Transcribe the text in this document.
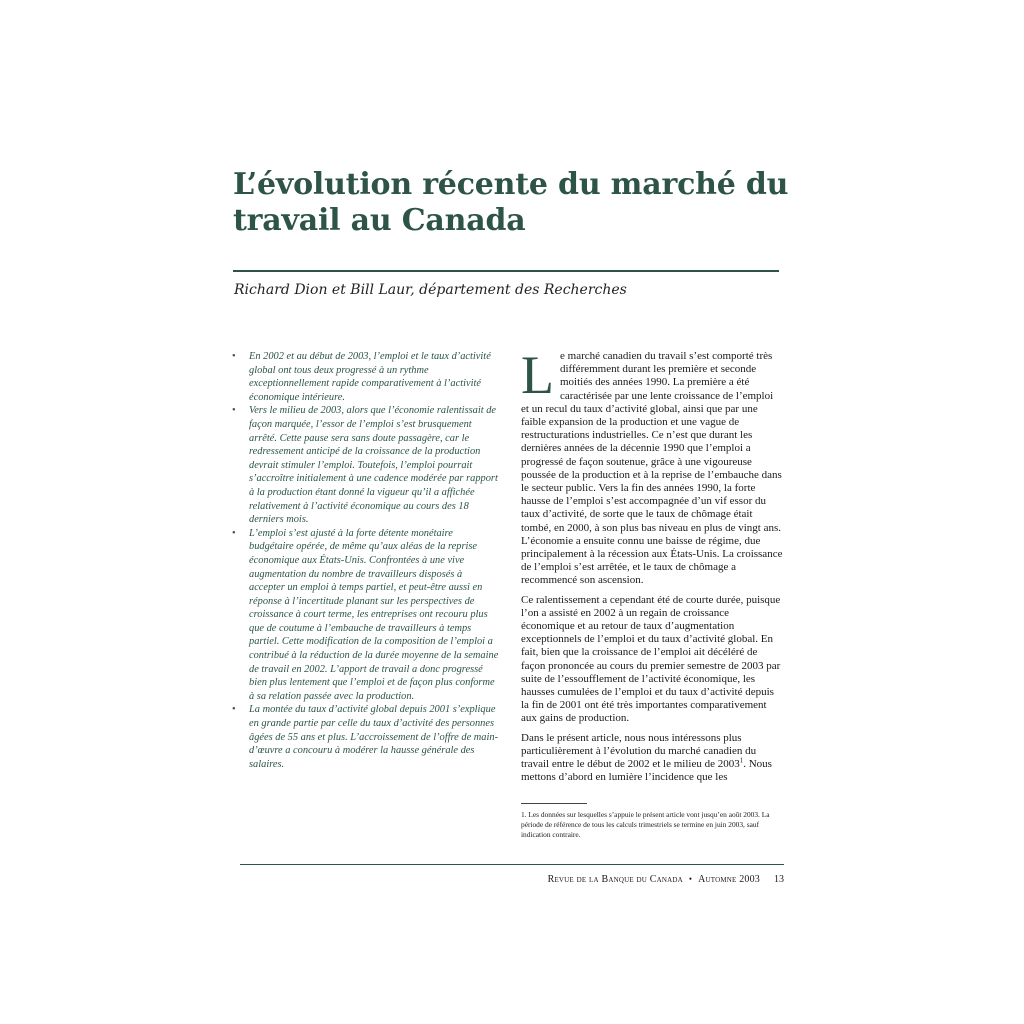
L’évolution récente du marché du travail au Canada

Richard Dion et Bill Laur, département des Recherches

• En 2002 et au début de 2003, l’emploi et le taux d’activité global ont tous deux progressé à un rythme exceptionnellement rapide comparativement à l’activité économique intérieure.
• Vers le milieu de 2003, alors que l’économie ralentissait de façon marquée, l’essor de l’emploi s’est brusquement arrêté. Cette pause sera sans doute passagère, car le redressement anticipé de la croissance de la production devrait stimuler l’emploi. Toutefois, l’emploi pourrait s’accroître initialement à une cadence modérée par rapport à la production étant donné la vigueur qu’il a affichée relativement à l’activité économique au cours des 18 derniers mois.
• L’emploi s’est ajusté à la forte détente monétaire budgétaire opérée, de même qu’aux aléas de la reprise économique aux États-Unis. Confrontées à une vive augmentation du nombre de travailleurs disposés à accepter un emploi à temps partiel, et peut-être aussi en réponse à l’incertitude planant sur les perspectives de croissance à court terme, les entreprises ont recouru plus que de coutume à l’embauche de travailleurs à temps partiel. Cette modification de la composition de l’emploi a contribué à la réduction de la durée moyenne de la semaine de travail en 2002. L’apport de travail a donc progressé bien plus lentement que l’emploi et de façon plus conforme à sa relation passée avec la production.
• La montée du taux d’activité global depuis 2001 s’explique en grande partie par celle du taux d’activité des personnes âgées de 55 ans et plus. L’accroissement de l’offre de main-d’œuvre a concouru à modérer la hausse générale des salaires.

Le marché canadien du travail s’est comporté très différemment durant les première et seconde moitiés des années 1990. La première a été caractérisée par une lente croissance de l’emploi et un recul du taux d’activité global, ainsi que par une faible expansion de la production et une vague de restructurations industrielles. Ce n’est que durant les dernières années de la décennie 1990 que l’emploi a progressé de façon soutenue, grâce à une vigoureuse poussée de la production et à la reprise de l’embauche dans le secteur public. Vers la fin des années 1990, la forte hausse de l’emploi s’est accompagnée d’un vif essor du taux d’activité, de sorte que le taux de chômage était tombé, en 2000, à son plus bas niveau en plus de vingt ans. L’économie a ensuite connu une baisse de régime, due principalement à la récession aux États-Unis. La croissance de l’emploi s’est arrêtée, et le taux de chômage a recommencé son ascension.

Ce ralentissement a cependant été de courte durée, puisque l’on a assisté en 2002 à un regain de croissance économique et au retour de taux d’augmentation exceptionnels de l’emploi et du taux d’activité global. En fait, bien que la croissance de l’emploi ait décéléré de façon prononcée au cours du premier semestre de 2003 par suite de l’essoufflement de l’activité économique, les hausses cumulées de l’emploi et du taux d’activité depuis la fin de 2001 ont été très importantes comparativement aux gains de production.

Dans le présent article, nous nous intéressons plus particulièrement à l’évolution du marché canadien du travail entre le début de 2002 et le milieu de 2003$^1$. Nous mettons d’abord en lumière l’incidence que les

1. Les données sur lesquelles s’appuie le présent article vont jusqu’en août 2003. La période de référence de tous les calculs trimestriels se termine en juin 2003, sauf indication contraire.

Revue de la Banque du Canada • Automne 2003 13
